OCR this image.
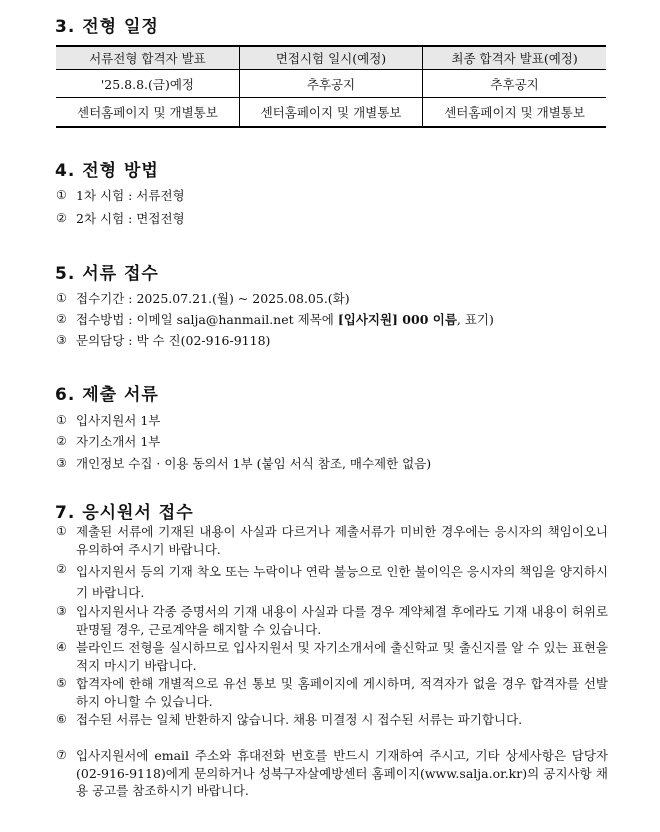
3. 전형 일정
서류전형 합격자 발표	면접시험 일시(예정)	최종 합격자 발표(예정)
'25.8.8.(금)예정	추후공지	추후공지
센터홈페이지 및 개별통보	센터홈페이지 및 개별통보	센터홈페이지 및 개별통보
4. 전형 방법
① 1차 시험 : 서류전형
② 2차 시험 : 면접전형
5. 서류 접수
① 접수기간 : 2025.07.21.(월) ~ 2025.08.05.(화)
② 접수방법 : 이메일 salja@hanmail.net 제목에 [입사지원] 000 이름, 표기)
③ 문의담당 : 박 수 진(02-916-9118)
6. 제출 서류
① 입사지원서 1부
② 자기소개서 1부
③ 개인정보 수집 · 이용 동의서 1부 (붙임 서식 참조, 매수제한 없음)
7. 응시원서 접수
① 제출된 서류에 기재된 내용이 사실과 다르거나 제출서류가 미비한 경우에는 응시자의 책임이오니 유의하여 주시기 바랍니다.
② 입사지원서 등의 기재 착오 또는 누락이나 연락 불능으로 인한 불이익은 응시자의 책임을 양지하시기 바랍니다.
③ 입사지원서나 각종 증명서의 기재 내용이 사실과 다를 경우 계약체결 후에라도 기재 내용이 허위로 판명될 경우, 근로계약을 해지할 수 있습니다.
④ 블라인드 전형을 실시하므로 입사지원서 및 자기소개서에 출신학교 및 출신지를 알 수 있는 표현을 적지 마시기 바랍니다.
⑤ 합격자에 한해 개별적으로 유선 통보 및 홈페이지에 게시하며, 적격자가 없을 경우 합격자를 선발하지 아니할 수 있습니다.
⑥ 접수된 서류는 일체 반환하지 않습니다. 채용 미결정 시 접수된 서류는 파기합니다.
⑦ 입사지원서에 email 주소와 휴대전화 번호를 반드시 기재하여 주시고, 기타 상세사항은 담당자(02-916-9118)에게 문의하거나 성북구자살예방센터 홈페이지(www.salja.or.kr)의 공지사항 채용 공고를 참조하시기 바랍니다.
